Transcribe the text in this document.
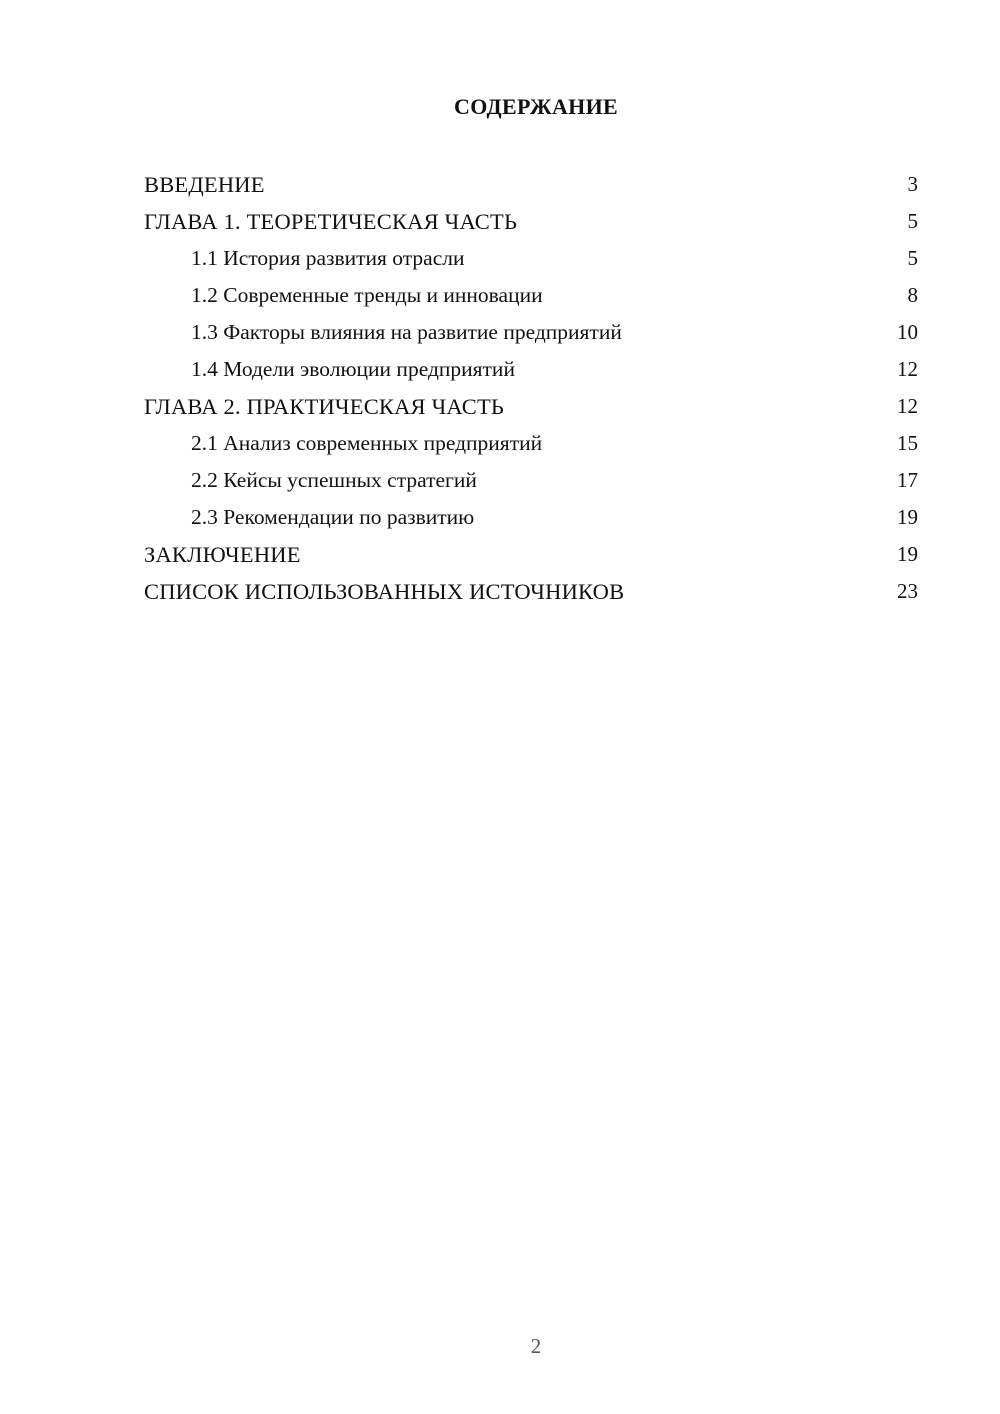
СОДЕРЖАНИЕ
ВВЕДЕНИЕ	3
ГЛАВА 1. ТЕОРЕТИЧЕСКАЯ ЧАСТЬ	5
1.1 История развития отрасли	5
1.2 Современные тренды и инновации	8
1.3 Факторы влияния на развитие предприятий	10
1.4 Модели эволюции предприятий	12
ГЛАВА 2. ПРАКТИЧЕСКАЯ ЧАСТЬ	12
2.1 Анализ современных предприятий	15
2.2 Кейсы успешных стратегий	17
2.3 Рекомендации по развитию	19
ЗАКЛЮЧЕНИЕ	19
СПИСОК ИСПОЛЬЗОВАННЫХ ИСТОЧНИКОВ	23
2
